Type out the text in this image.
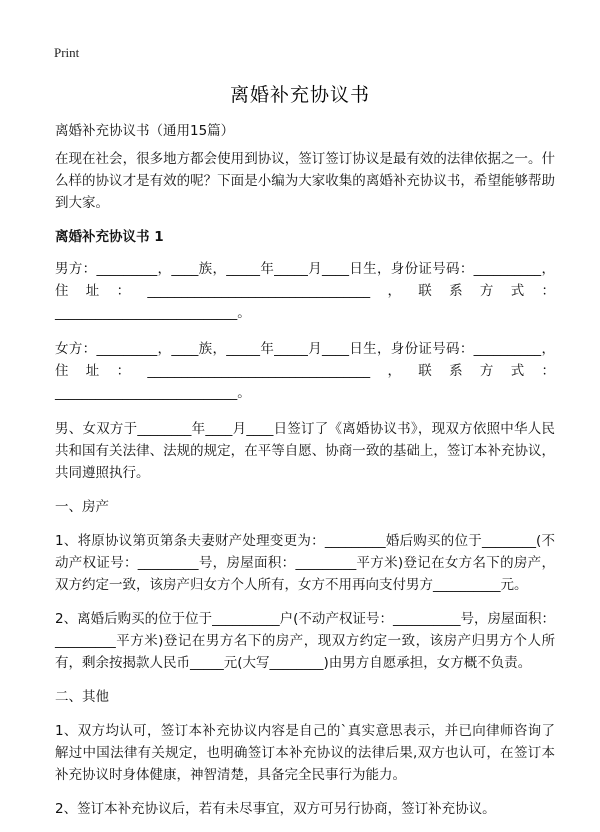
Print
离婚补充协议书

离婚补充协议书（通用15篇）

在现在社会，很多地方都会使用到协议，签订签订协议是最有效的法律依据之一。什么样的协议才是有效的呢？下面是小编为大家收集的离婚补充协议书，希望能够帮助到大家。

离婚补充协议书 1

男方：_________，____族，_____年_____月____日生，身份证号码：__________，住址：_________________________________，联系方式：___________________________。

女方：_________，____族，_____年_____月____日生，身份证号码：__________，住址：_________________________________，联系方式：___________________________。

男、女双方于________年____月____日签订了《离婚协议书》，现双方依照中华人民共和国有关法律、法规的规定，在平等自愿、协商一致的基础上，签订本补充协议，共同遵照执行。

一、房产

1、将原协议第页第条夫妻财产处理变更为：_________婚后购买的位于________(不动产权证号：_________号，房屋面积：_________平方米)登记在女方名下的房产，双方约定一致，该房产归女方个人所有，女方不用再向支付男方__________元。

2、离婚后购买的位于位于__________户(不动产权证号：__________号，房屋面积：_________平方米)登记在男方名下的房产，现双方约定一致，该房产归男方个人所有，剩余按揭款人民币_____元(大写________)由男方自愿承担，女方概不负责。

二、其他

1、双方均认可，签订本补充协议内容是自己的`真实意思表示，并已向律师咨询了解过中国法律有关规定，也明确签订本补充协议的法律后果,双方也认可，在签订本补充协议时身体健康，神智清楚，具备完全民事行为能力。

2、签订本补充协议后，若有未尽事宜，双方可另行协商，签订补充协议。
